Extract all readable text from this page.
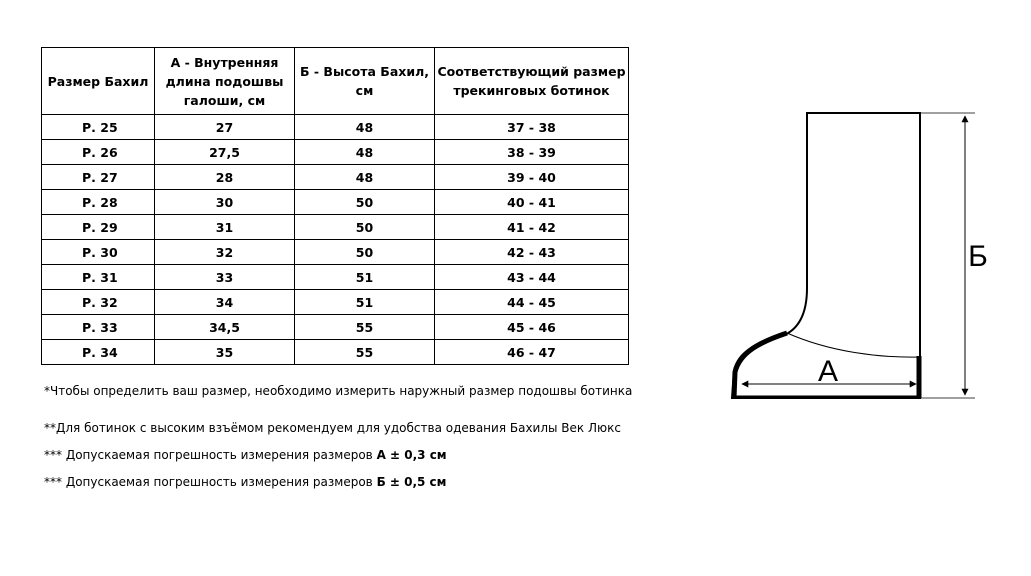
Размер Бахил	А - Внутренняя длина подошвы галоши, см	Б - Высота Бахил, см	Соответствующий размер трекинговых ботинок
Р. 25	27	48	37 - 38
Р. 26	27,5	48	38 - 39
Р. 27	28	48	39 - 40
Р. 28	30	50	40 - 41
Р. 29	31	50	41 - 42
Р. 30	32	50	42 - 43
Р. 31	33	51	43 - 44
Р. 32	34	51	44 - 45
Р. 33	34,5	55	45 - 46
Р. 34	35	55	46 - 47
*Чтобы определить ваш размер, необходимо измерить наружный размер подошвы ботинка
**Для ботинок с высоким взъёмом рекомендуем для удобства одевания Бахилы Век Люкс
*** Допускаемая погрешность измерения размеров А ± 0,3 см
*** Допускаемая погрешность измерения размеров Б ± 0,5 см
А
Б
